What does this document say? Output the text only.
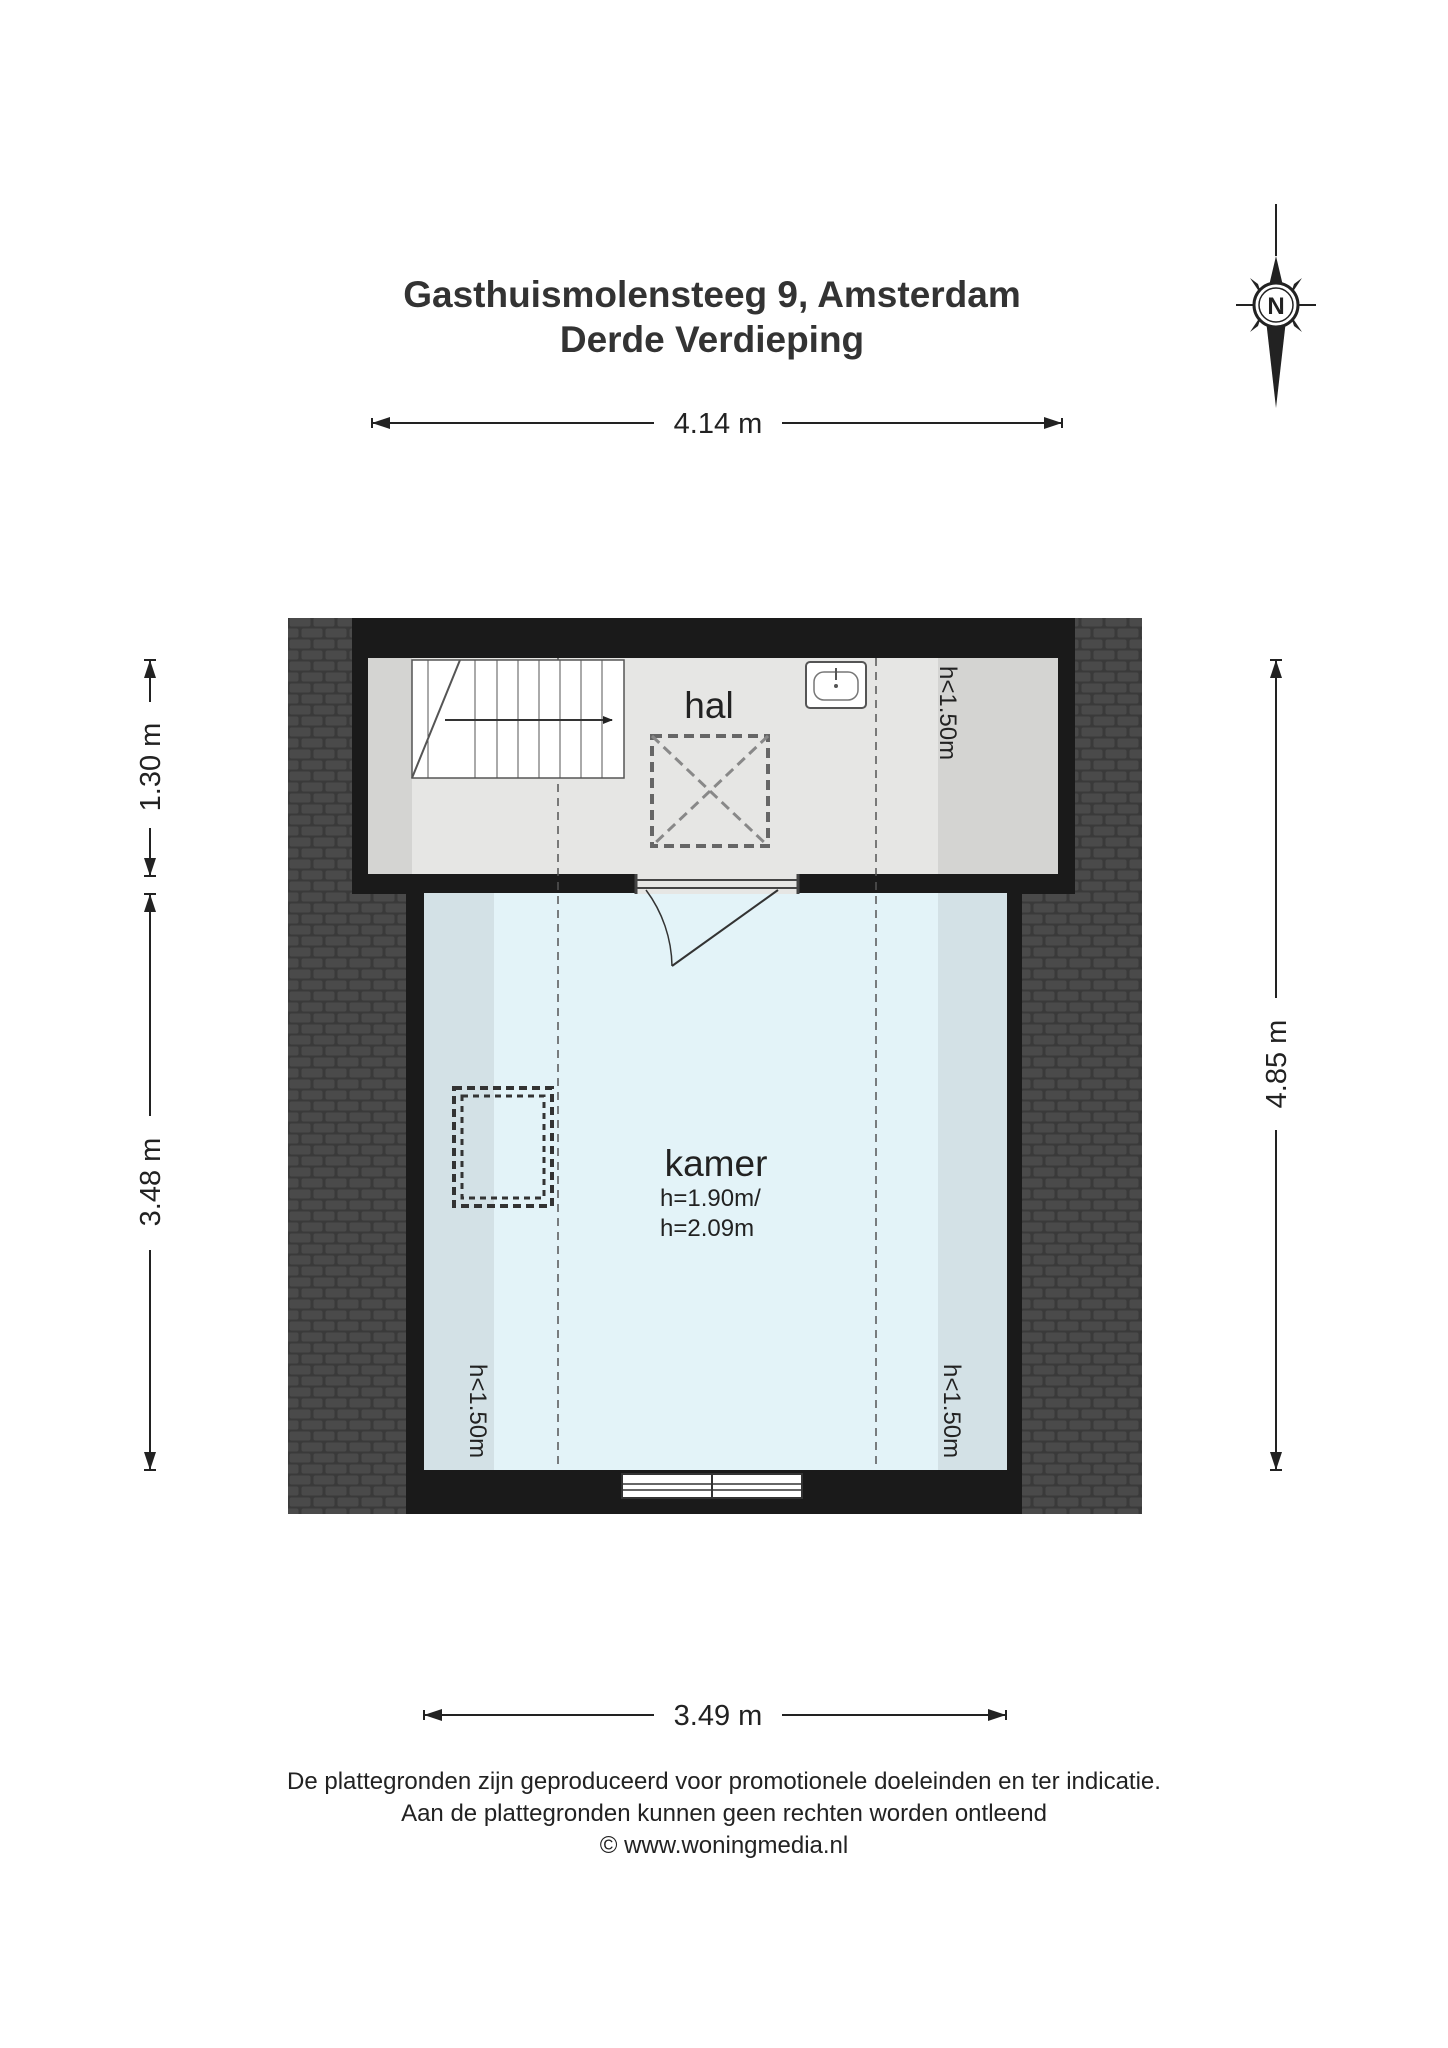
Gasthuismolensteeg 9, Amsterdam
Derde Verdieping
hal	h<1.50m
kamer
h=1.90m/
h=2.09m
h<1.50m	h<1.50m
4.14 m
3.49 m
1.30 m
3.48 m
4.85 m
N
De plattegronden zijn geproduceerd voor promotionele doeleinden en ter indicatie.
Aan de plattegronden kunnen geen rechten worden ontleend
© www.woningmedia.nl
